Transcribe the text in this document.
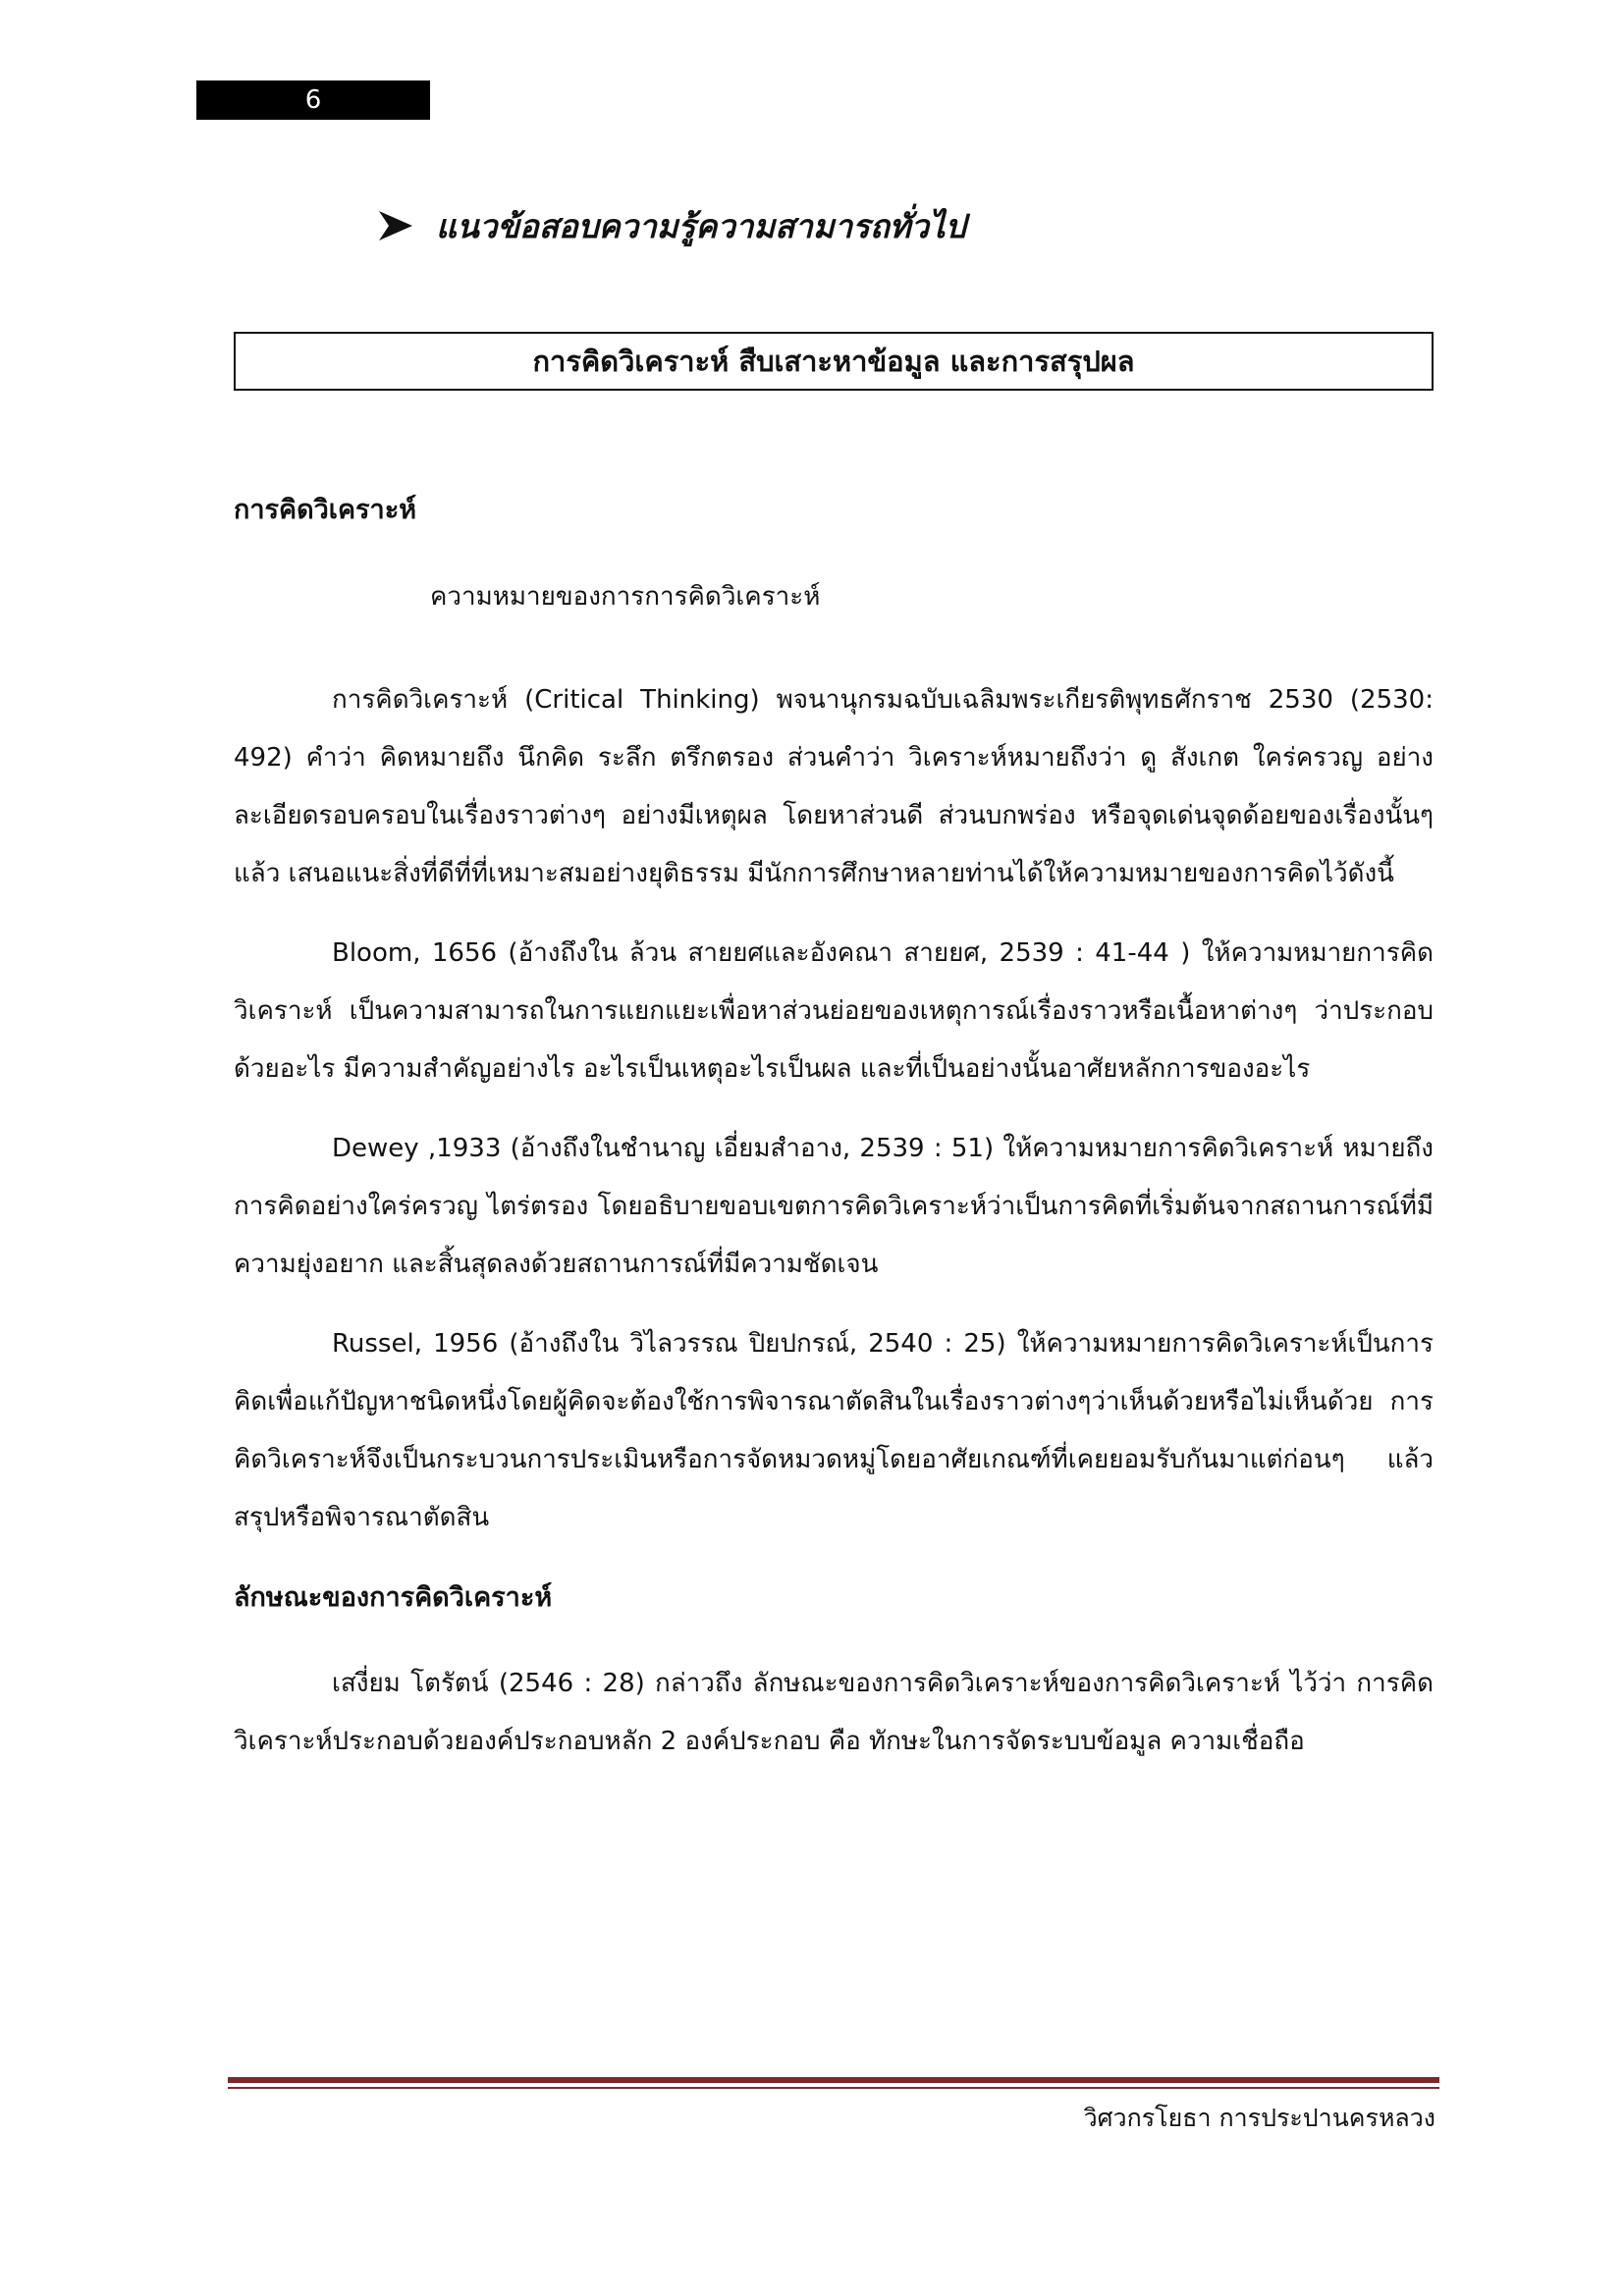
6
แนวข้อสอบความรู้ความสามารถทั่วไป
การคิดวิเคราะห์ สืบเสาะหาข้อมูล และการสรุปผล
การคิดวิเคราะห์
ความหมายของการการคิดวิเคราะห์

การคิดวิเคราะห์ (Critical Thinking) พจนานุกรมฉบับเฉลิมพระเกียรติพุทธศักราช 2530 (2530: 492) คำว่า คิดหมายถึง นึกคิด ระลึก ตรึกตรอง ส่วนคำว่า วิเคราะห์หมายถึงว่า ดู สังเกต ใคร่ครวญ อย่างละเอียดรอบครอบในเรื่องราวต่างๆ อย่างมีเหตุผล โดยหาส่วนดี ส่วนบกพร่อง หรือจุดเด่นจุดด้อยของเรื่องนั้นๆ แล้ว เสนอแนะสิ่งที่ดีที่ที่เหมาะสมอย่างยุติธรรม มีนักการศึกษาหลายท่านได้ให้ความหมายของการคิดไว้ดังนี้

Bloom, 1656 (อ้างถึงใน ล้วน สายยศและอังคณา สายยศ, 2539 : 41-44 ) ให้ความหมายการคิดวิเคราะห์ เป็นความสามารถในการแยกแยะเพื่อหาส่วนย่อยของเหตุการณ์เรื่องราวหรือเนื้อหาต่างๆ ว่าประกอบด้วยอะไร มีความสำคัญอย่างไร อะไรเป็นเหตุอะไรเป็นผล และที่เป็นอย่างนั้นอาศัยหลักการของอะไร

Dewey ,1933 (อ้างถึงในชำนาญ เอี่ยมสำอาง, 2539 : 51) ให้ความหมายการคิดวิเคราะห์ หมายถึง การคิดอย่างใคร่ครวญ ไตร่ตรอง โดยอธิบายขอบเขตการคิดวิเคราะห์ว่าเป็นการคิดที่เริ่มต้นจากสถานการณ์ที่มีความยุ่งอยาก และสิ้นสุดลงด้วยสถานการณ์ที่มีความชัดเจน

Russel, 1956 (อ้างถึงใน วิไลวรรณ ปิยปกรณ์, 2540 : 25) ให้ความหมายการคิดวิเคราะห์เป็นการคิดเพื่อแก้ปัญหาชนิดหนึ่งโดยผู้คิดจะต้องใช้การพิจารณาตัดสินในเรื่องราวต่างๆว่าเห็นด้วยหรือไม่เห็นด้วย การคิดวิเคราะห์จึงเป็นกระบวนการประเมินหรือการจัดหมวดหมู่โดยอาศัยเกณฑ์ที่เคยยอมรับกันมาแต่ก่อนๆ แล้วสรุปหรือพิจารณาตัดสิน

ลักษณะของการคิดวิเคราะห์

เสงี่ยม โตรัตน์ (2546 : 28) กล่าวถึง ลักษณะของการคิดวิเคราะห์ของการคิดวิเคราะห์ ไว้ว่า การคิดวิเคราะห์ประกอบด้วยองค์ประกอบหลัก 2 องค์ประกอบ คือ ทักษะในการจัดระบบข้อมูล ความเชื่อถือ

วิศวกรโยธา การประปานครหลวง
